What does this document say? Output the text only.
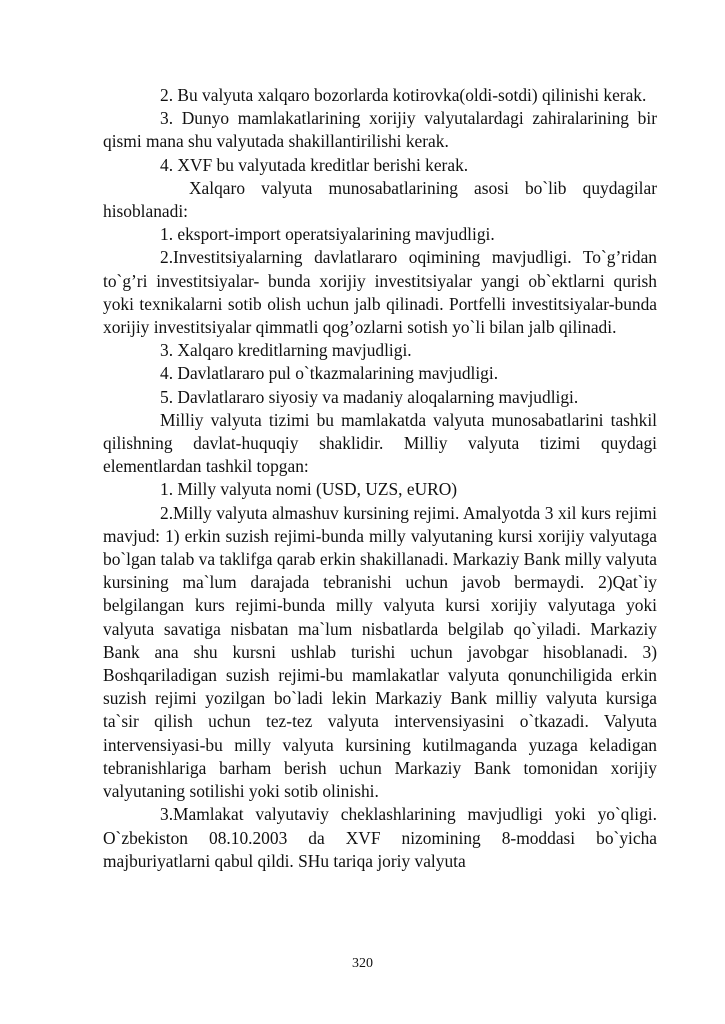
2. Bu valyuta xalqaro bozorlarda kotirovka(oldi-sotdi) qilinishi kerak.

3. Dunyo mamlakatlarining xorijiy valyutalardagi zahiralarining bir qismi mana shu valyutada shakillantirilishi kerak.

4. XVF bu valyutada kreditlar berishi kerak.

Xalqaro valyuta munosabatlarining asosi bo`lib quydagilar hisoblanadi:

1. eksport-import operatsiyalarining mavjudligi.

2.Investitsiyalarning davlatlararo oqimining mavjudligi. To`g’ridan to`g’ri investitsiyalar- bunda xorijiy investitsiyalar yangi ob`ektlarni qurish yoki texnikalarni sotib olish uchun jalb qilinadi. Portfelli investitsiyalar-bunda xorijiy investitsiyalar qimmatli qog’ozlarni sotish yo`li bilan jalb qilinadi.

3. Xalqaro kreditlarning mavjudligi.

4. Davlatlararo pul o`tkazmalarining mavjudligi.

5. Davlatlararo siyosiy va madaniy aloqalarning mavjudligi.

Milliy valyuta tizimi bu mamlakatda valyuta munosabatlarini tashkil qilishning davlat-huquqiy shaklidir. Milliy valyuta tizimi quydagi elementlardan tashkil topgan:

1. Milly valyuta nomi (USD, UZS, eURO)

2.Milly valyuta almashuv kursining rejimi. Amalyotda 3 xil kurs rejimi mavjud: 1) erkin suzish rejimi-bunda milly valyutaning kursi xorijiy valyutaga bo`lgan talab va taklifga qarab erkin shakillanadi. Markaziy Bank milly valyuta kursining ma`lum darajada tebranishi uchun javob bermaydi. 2)Qat`iy belgilangan kurs rejimi-bunda milly valyuta kursi xorijiy valyutaga yoki valyuta savatiga nisbatan ma`lum nisbatlarda belgilab qo`yiladi. Markaziy Bank ana shu kursni ushlab turishi uchun javobgar hisoblanadi. 3) Boshqariladigan suzish rejimi-bu mamlakatlar valyuta qonunchiligida erkin suzish rejimi yozilgan bo`ladi lekin Markaziy Bank milliy valyuta kursiga ta`sir qilish uchun tez-tez valyuta intervensiyasini o`tkazadi. Valyuta intervensiyasi-bu milly valyuta kursining kutilmaganda yuzaga keladigan tebranishlariga barham berish uchun Markaziy Bank tomonidan xorijiy valyutaning sotilishi yoki sotib olinishi.

3.Mamlakat valyutaviy cheklashlarining mavjudligi yoki yo`qligi. O`zbekiston 08.10.2003 da XVF nizomining 8-moddasi bo`yicha majburiyatlarni qabul qildi. SHu tariqa joriy valyuta

320
